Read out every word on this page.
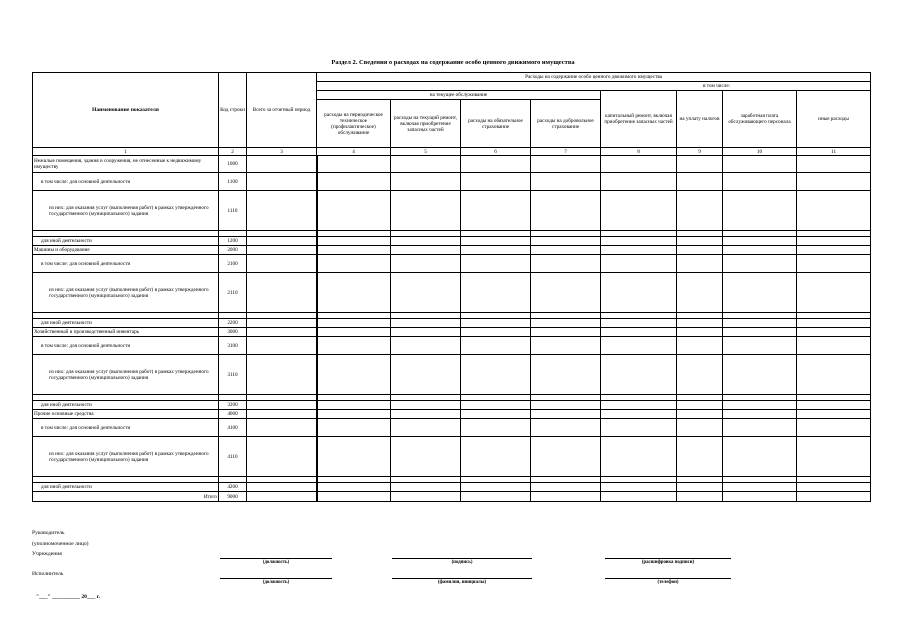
Раздел 2. Сведения о расходах на содержание особо ценного движимого имущества
Наименование показателя	Код строки	Всего за отчетный период	Расходы на содержание особо ценного движимого имущества							
			в том числе:							
			на текущее обслуживание				капитальный ремонт, включая приобретение запасных частей	на уплату налогов	заработная плата обслуживающего персонала	иные расходы
			расходы на периодическое техническое (профилактическое) обслуживание	расходы на текущий ремонт, включая приобретение запасных частей	расходы на обязательное страхование	расходы на добровольное страхование				
1	2	3	4	5	6	7	8	9	10	11
Нежилые помещения, здания и сооружения, не отнесенные к недвижимому имуществу	1000									
в том числе: для основной деятельности	1100									
из них: для оказания услуг (выполнения работ) в рамках утвержденного государственного (муниципального) задания	1110									

для иной деятельности	1200									
Машины и оборудование	2000									
в том числе: для основной деятельности	2100									
из них: для оказания услуг (выполнения работ) в рамках утвержденного государственного (муниципального) задания	2110									

для иной деятельности	2200									
Хозяйственный и производственный инвентарь	3000									
в том числе: для основной деятельности	3100									
из них: для оказания услуг (выполнения работ) в рамках утвержденного государственного (муниципального) задания	3110									

для иной деятельности	3200									
Прочие основные средства	4000									
в том числе: для основной деятельности	4100									
из них: для оказания услуг (выполнения работ) в рамках утвержденного государственного (муниципального) задания	4110									

для иной деятельности	4200									
Итого	9000									
Руководитель
(уполномоченное лицо)
Учреждения
(должность)	(подпись)	(расшифровка подписи)
Исполнитель
(должность)	(фамилия, инициалы)	(телефон)
"___" __________ 20___ г.
